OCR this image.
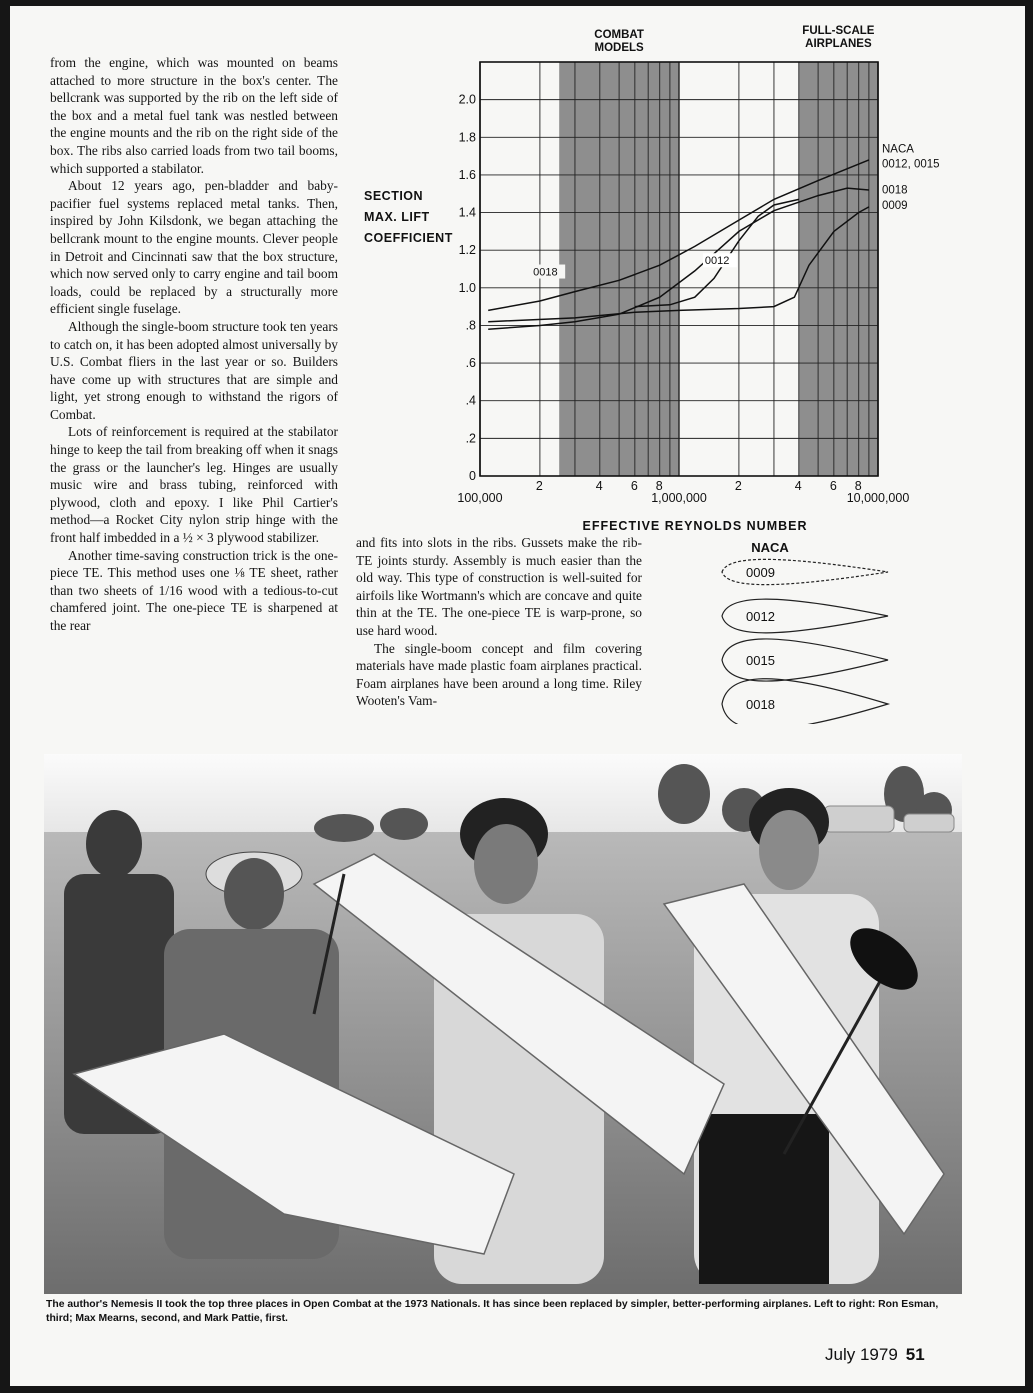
from the engine, which was mounted on beams attached to more structure in the box's center. The bellcrank was supported by the rib on the left side of the box and a metal fuel tank was nestled between the engine mounts and the rib on the right side of the box. The ribs also carried loads from two tail booms, which supported a stabilator.

About 12 years ago, pen-bladder and baby-pacifier fuel systems replaced metal tanks. Then, inspired by John Kilsdonk, we began attaching the bellcrank mount to the engine mounts. Clever people in Detroit and Cincinnati saw that the box structure, which now served only to carry engine and tail boom loads, could be replaced by a structurally more efficient single fuselage.

Although the single-boom structure took ten years to catch on, it has been adopted almost universally by U.S. Combat fliers in the last year or so. Builders have come up with structures that are simple and light, yet strong enough to withstand the rigors of Combat.

Lots of reinforcement is required at the stabilator hinge to keep the tail from breaking off when it snags the grass or the launcher's leg. Hinges are usually music wire and brass tubing, reinforced with plywood, cloth and epoxy. I like Phil Cartier's method—a Rocket City nylon strip hinge with the front half imbedded in a ½ × 3 plywood stabilizer.

Another time-saving construction trick is the one-piece TE. This method uses one ⅛ TE sheet, rather than two sheets of 1/16 wood with a tedious-to-cut chamfered joint. The one-piece TE is sharpened at the rear

COMBAT
MODELS
FULL-SCALE
AIRPLANES
0
.2
.4
.6
.8
1.0
1.2
1.4
1.6
1.8
2.0
100,000
2	4 6 8
1,000,000
2	4 6 8
10,000,000
SECTION
MAX. LIFT
COEFFICIENT
EFFECTIVE REYNOLDS NUMBER
0018
0012
NACA
0012, 0015
0018
0009

and fits into slots in the ribs. Gussets make the rib-TE joints sturdy. Assembly is much easier than the old way. This type of construction is well-suited for airfoils like Wortmann's which are concave and quite thin at the TE. The one-piece TE is warp-prone, so use hard wood.

The single-boom concept and film covering materials have made plastic foam airplanes practical. Foam airplanes have been around a long time. Riley Wooten's Vam-

NACA
0009
0012
0015
0018
The author's Nemesis II took the top three places in Open Combat at the 1973 Nationals. It has since been replaced by simpler, better-performing airplanes. Left to right: Ron Esman, third; Max Mearns, second, and Mark Pattie, first.
July 1979 51
